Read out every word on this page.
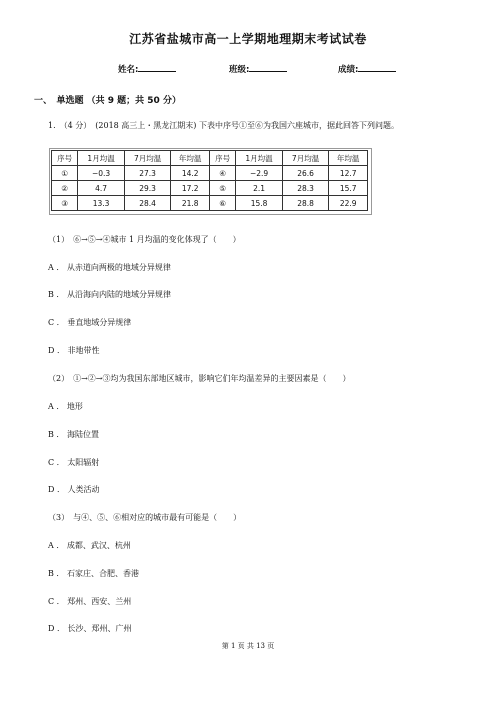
江苏省盐城市高一上学期地理期末考试试卷
姓名:	班级:	成绩:
一、　单选题 （共 9 题；共 50 分）
1.　（4 分）　(2018 高三上・黑龙江期末) 下表中序号①至⑥为我国六座城市，据此回答下列问题。
序号	1月均温	7月均温	年均温	序号	1月均温	7月均温	年均温
①	−0.3	27.3	14.2	④	−2.9	26.6	12.7
②	4.7	29.3	17.2	⑤	2.1	28.3	15.7
③	13.3	28.4	21.8	⑥	15.8	28.8	22.9
（1）　⑥→⑤→④城市 1 月均温的变化体现了（　　）
A ． 从赤道向两极的地域分异规律
B ． 从沿海向内陆的地域分异规律
C ． 垂直地域分异规律
D ． 非地带性
（2）　①→②→③均为我国东部地区城市，影响它们年均温差异的主要因素是（　　）
A ． 地形
B ． 海陆位置
C ． 太阳辐射
D ． 人类活动
（3）　与④、⑤、⑥相对应的城市最有可能是（　　）
A ． 成都、武汉、杭州
B ． 石家庄、合肥、香港
C ． 郑州、西安、兰州
D ． 长沙、郑州、广州
第 1 页 共 13 页
